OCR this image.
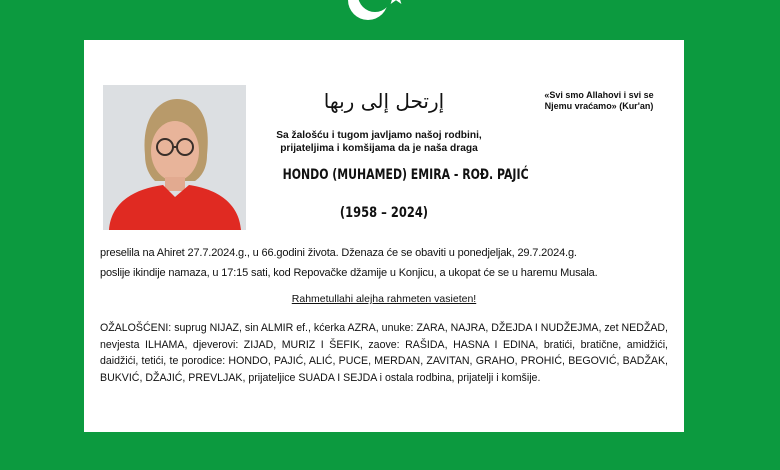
إرتحل إلى ربها	«Svi smo Allahovi i svi se
Njemu vraćamo» (Kur'an)
Sa žalošću i tugom javljamo našoj rodbini,
prijateljima i komšijama da je naša draga
HONDO (MUHAMED) EMIRA - ROĐ. PAJIĆ
(1958 – 2024)
preselila na Ahiret 27.7.2024.g., u 66.godini života. Dženaza će se obaviti u ponedjeljak, 29.7.2024.g.
poslije ikindije namaza, u 17:15 sati, kod Repovačke džamije u Konjicu, a ukopat će se u haremu Musala.
Rahmetullahi alejha rahmeten vasieten!
OŽALOŠĆENI: suprug NIJAZ, sin ALMIR ef., kćerka AZRA, unuke: ZARA, NAJRA, DŽEJDA I NUDŽEJMA, zet NEDŽAD, nevjesta ILHAMA, djeverovi: ZIJAD, MURIZ I ŠEFIK, zaove: RAŠIDA, HASNA I EDINA, bratići, bratične, amidžići, daidžići, tetići, te porodice: HONDO, PAJIĆ, ALIĆ, PUCE, MERDAN, ZAVITAN, GRAHO, PROHIĆ, BEGOVIĆ, BADŽAK, BUKVIĆ, DŽAJIĆ, PREVLJAK, prijateljice SUADA I SEJDA i ostala rodbina, prijatelji i komšije.
